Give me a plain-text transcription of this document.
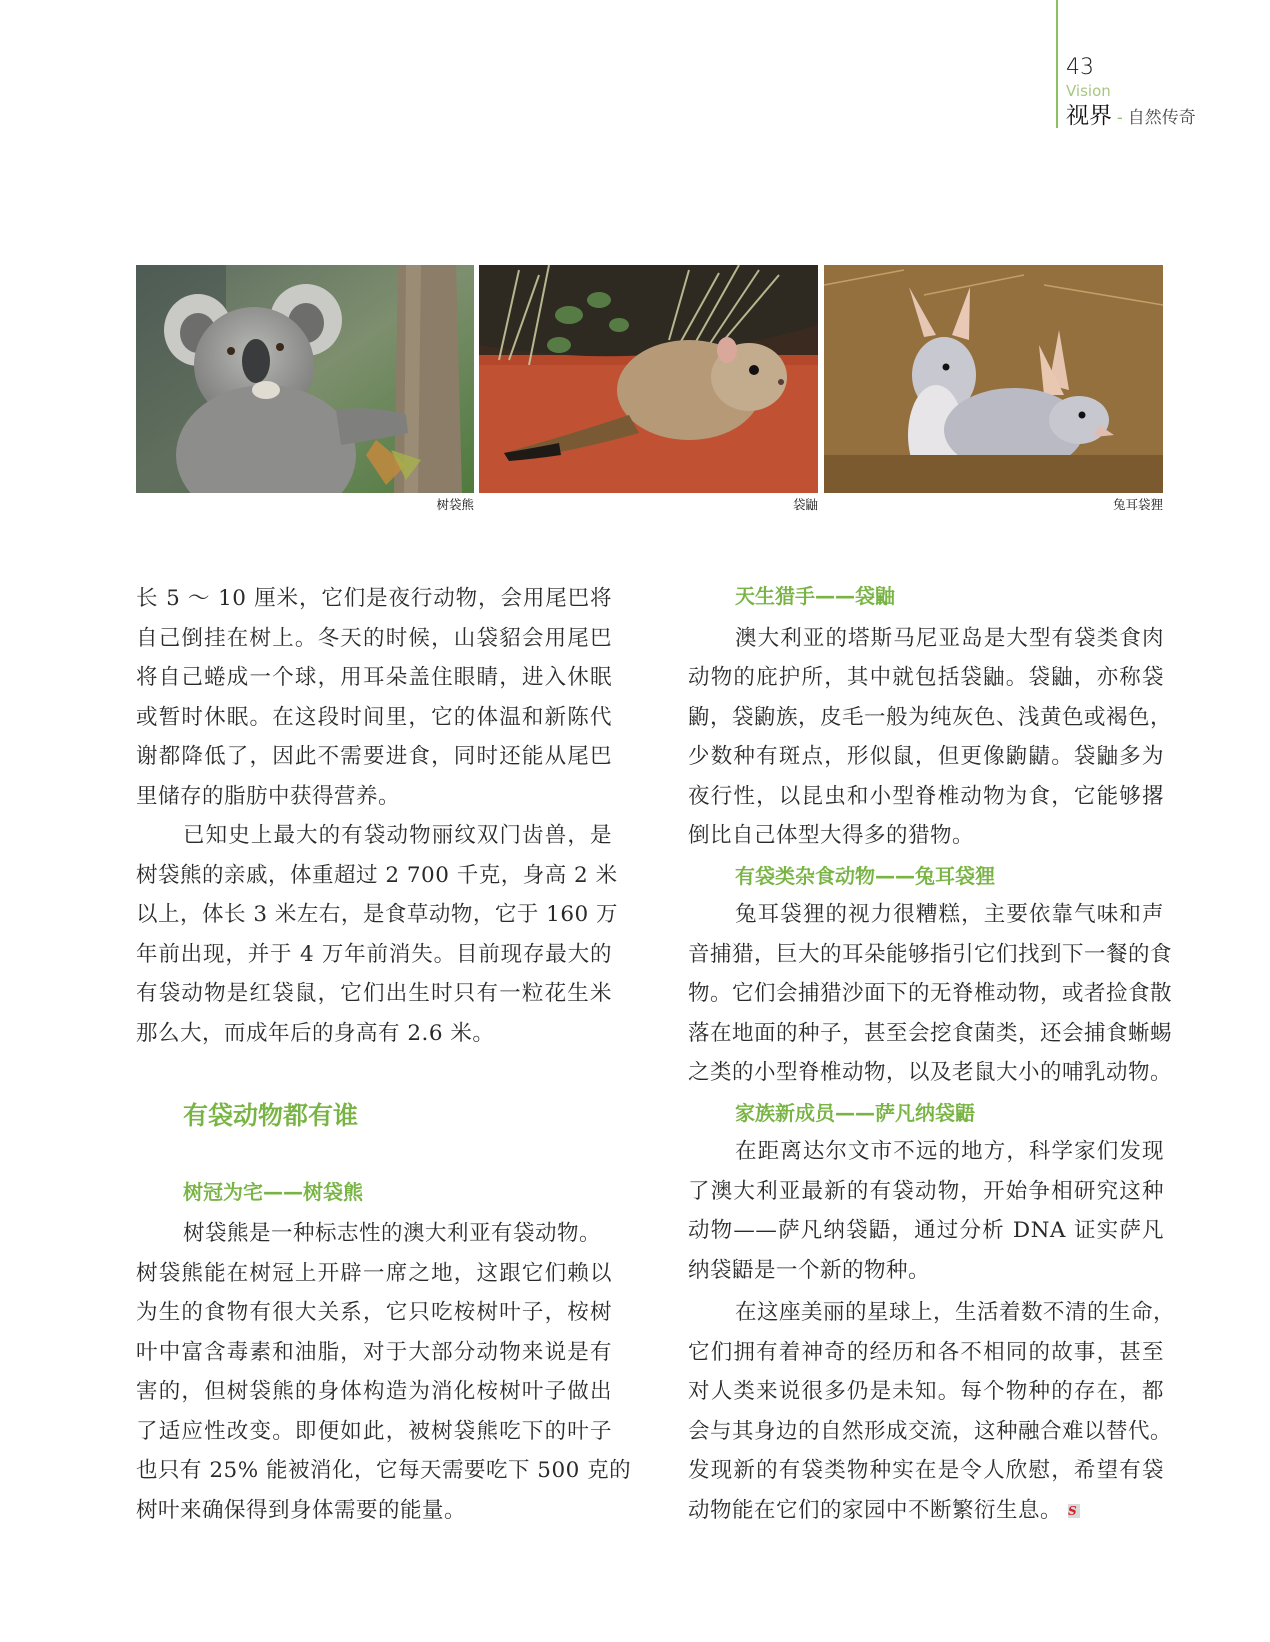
43
Vision
视界 - 自然传奇
树袋熊	袋鼬	兔耳袋狸
长 5 ～ 10 厘米，它们是夜行动物，会用尾巴将
自己倒挂在树上。冬天的时候，山袋貂会用尾巴
将自己蜷成一个球，用耳朵盖住眼睛，进入休眠
或暂时休眠。在这段时间里，它的体温和新陈代
谢都降低了，因此不需要进食，同时还能从尾巴
里储存的脂肪中获得营养。
已知史上最大的有袋动物丽纹双门齿兽，是
树袋熊的亲戚，体重超过 2 700 千克，身高 2 米
以上，体长 3 米左右，是食草动物，它于 160 万
年前出现，并于 4 万年前消失。目前现存最大的
有袋动物是红袋鼠，它们出生时只有一粒花生米
那么大，而成年后的身高有 2.6 米。
有袋动物都有谁
树冠为宅——树袋熊
树袋熊是一种标志性的澳大利亚有袋动物。
树袋熊能在树冠上开辟一席之地，这跟它们赖以
为生的食物有很大关系，它只吃桉树叶子，桉树
叶中富含毒素和油脂，对于大部分动物来说是有
害的，但树袋熊的身体构造为消化桉树叶子做出
了适应性改变。即便如此，被树袋熊吃下的叶子
也只有 25% 能被消化，它每天需要吃下 500 克的
树叶来确保得到身体需要的能量。
天生猎手——袋鼬
澳大利亚的塔斯马尼亚岛是大型有袋类食肉
动物的庇护所，其中就包括袋鼬。袋鼬，亦称袋
鼩，袋鼩族，皮毛一般为纯灰色、浅黄色或褐色，
少数种有斑点，形似鼠，但更像鼩鼱。袋鼬多为
夜行性，以昆虫和小型脊椎动物为食，它能够撂
倒比自己体型大得多的猎物。
有袋类杂食动物——兔耳袋狸
兔耳袋狸的视力很糟糕，主要依靠气味和声
音捕猎，巨大的耳朵能够指引它们找到下一餐的食
物。它们会捕猎沙面下的无脊椎动物，或者捡食散
落在地面的种子，甚至会挖食菌类，还会捕食蜥蜴
之类的小型脊椎动物，以及老鼠大小的哺乳动物。
家族新成员——萨凡纳袋鼯
在距离达尔文市不远的地方，科学家们发现
了澳大利亚最新的有袋动物，开始争相研究这种
动物——萨凡纳袋鼯，通过分析 DNA 证实萨凡
纳袋鼯是一个新的物种。
在这座美丽的星球上，生活着数不清的生命，
它们拥有着神奇的经历和各不相同的故事，甚至
对人类来说很多仍是未知。每个物种的存在，都
会与其身边的自然形成交流，这种融合难以替代。
发现新的有袋类物种实在是令人欣慰，希望有袋
动物能在它们的家园中不断繁衍生息。 S
